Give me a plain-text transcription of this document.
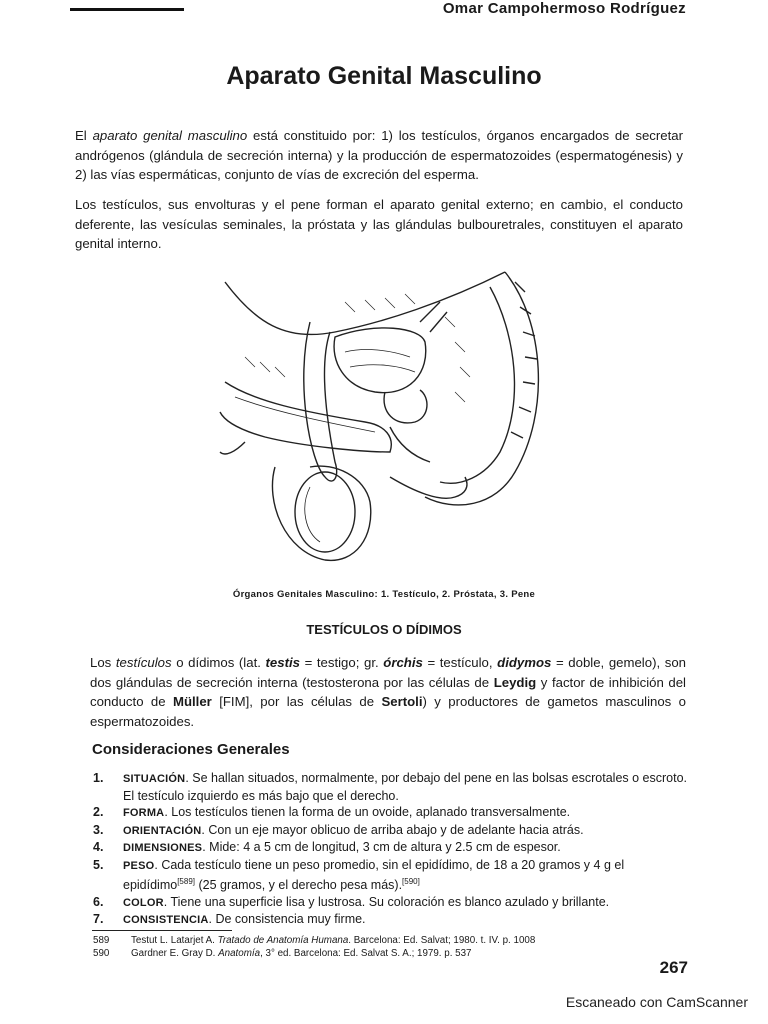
Omar Campohermoso Rodríguez
Aparato Genital Masculino

El aparato genital masculino está constituido por: 1) los testículos, órganos encargados de secretar andrógenos (glándula de secreción interna) y la producción de espermatozoides (espermatogénesis) y 2) las vías espermáticas, conjunto de vías de excreción del esperma.

Los testículos, sus envolturas y el pene forman el aparato genital externo; en cambio, el conducto deferente, las vesículas seminales, la próstata y las glándulas bulbouretrales, constituyen el aparato genital interno.

Órganos Genitales Masculino: 1. Testículo, 2. Próstata, 3. Pene
TESTÍCULOS O DÍDIMOS

Los testículos o dídimos (lat. testis = testigo; gr. órchis = testículo, didymos = doble, gemelo), son dos glándulas de secreción interna (testosterona por las células de Leydig y factor de inhibición del conducto de Müller [FIM], por las células de Sertoli) y productores de gametos masculinos o espermatozoides.

Consideraciones Generales
1. SITUACIÓN. Se hallan situados, normalmente, por debajo del pene en las bolsas escrotales o escroto. El testículo izquierdo es más bajo que el derecho.
2. FORMA. Los testículos tienen la forma de un ovoide, aplanado transversalmente.
3. ORIENTACIÓN. Con un eje mayor oblicuo de arriba abajo y de adelante hacia atrás.
4. DIMENSIONES. Mide: 4 a 5 cm de longitud, 3 cm de altura y 2.5 cm de espesor.
5. PESO. Cada testículo tiene un peso promedio, sin el epidídimo, de 18 a 20 gramos y 4 g el epidídimo[589] (25 gramos, y el derecho pesa más).[590]
6. COLOR. Tiene una superficie lisa y lustrosa. Su coloración es blanco azulado y brillante.
7. CONSISTENCIA. De consistencia muy firme.
589 Testut L. Latarjet A. Tratado de Anatomía Humana. Barcelona: Ed. Salvat; 1980. t. IV. p. 1008
590 Gardner E. Gray D. Anatomía, 3° ed. Barcelona: Ed. Salvat S. A.; 1979. p. 537
267
Escaneado con CamScanner
